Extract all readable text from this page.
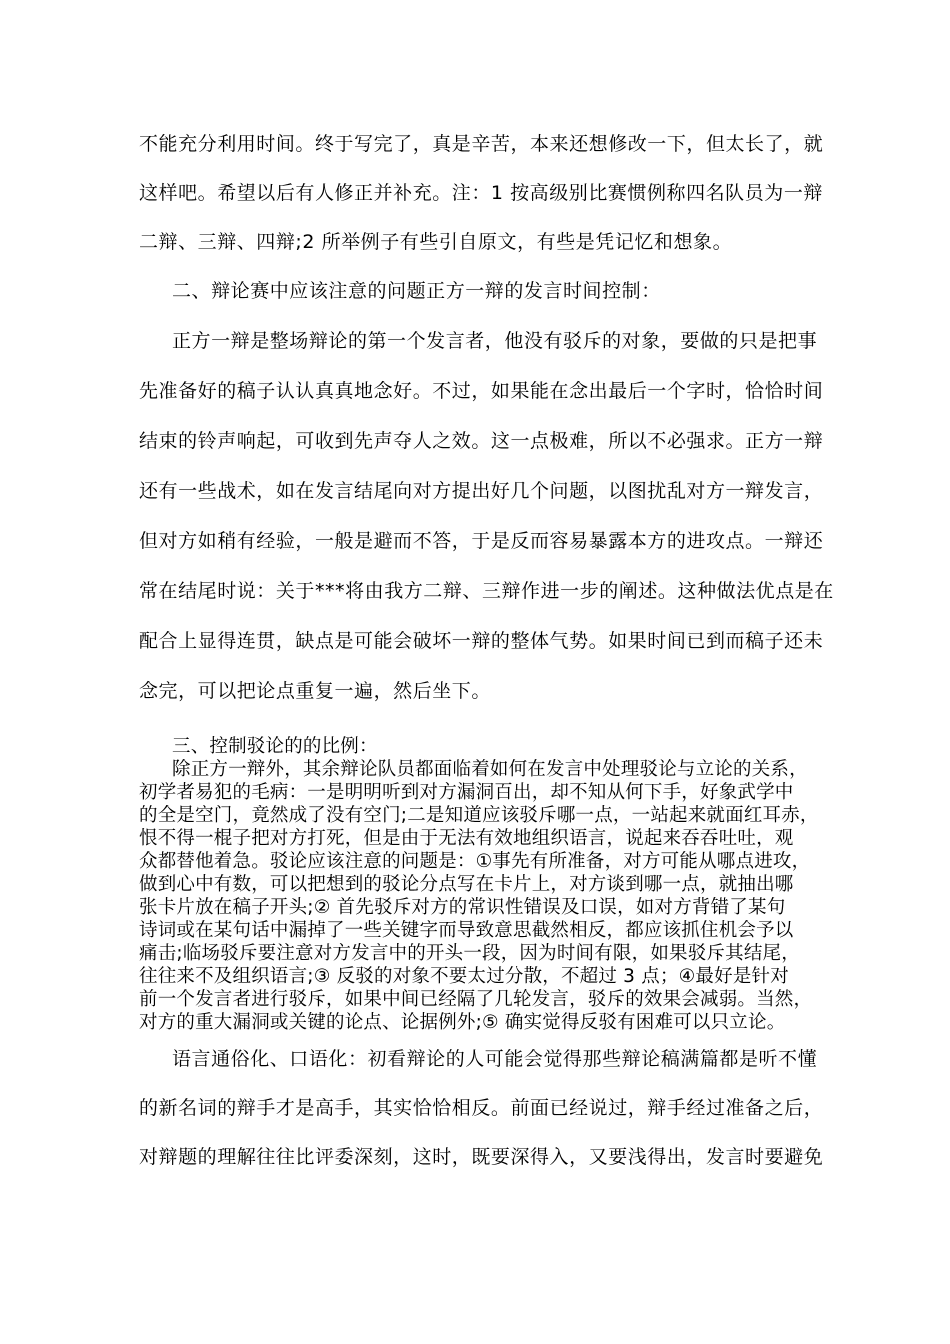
不能充分利用时间。终于写完了，真是辛苦，本来还想修改一下，但太长了，就
这样吧。希望以后有人修正并补充。注：1 按高级别比赛惯例称四名队员为一辩
二辩、三辩、四辩;2 所举例子有些引自原文，有些是凭记忆和想象。
二、辩论赛中应该注意的问题正方一辩的发言时间控制：
正方一辩是整场辩论的第一个发言者，他没有驳斥的对象，要做的只是把事
先准备好的稿子认认真真地念好。不过，如果能在念出最后一个字时，恰恰时间
结束的铃声响起，可收到先声夺人之效。这一点极难，所以不必强求。正方一辩
还有一些战术，如在发言结尾向对方提出好几个问题，以图扰乱对方一辩发言，
但对方如稍有经验，一般是避而不答，于是反而容易暴露本方的进攻点。一辩还
常在结尾时说：关于***将由我方二辩、三辩作进一步的阐述。这种做法优点是在
配合上显得连贯，缺点是可能会破坏一辩的整体气势。如果时间已到而稿子还未
念完，可以把论点重复一遍，然后坐下。
三、控制驳论的的比例：
除正方一辩外，其余辩论队员都面临着如何在发言中处理驳论与立论的关系，
初学者易犯的毛病：一是明明听到对方漏洞百出，却不知从何下手，好象武学中
的全是空门，竟然成了没有空门;二是知道应该驳斥哪一点，一站起来就面红耳赤，
恨不得一棍子把对方打死，但是由于无法有效地组织语言，说起来吞吞吐吐，观
众都替他着急。驳论应该注意的问题是：①事先有所准备，对方可能从哪点进攻，
做到心中有数，可以把想到的驳论分点写在卡片上，对方谈到哪一点，就抽出哪
张卡片放在稿子开头;② 首先驳斥对方的常识性错误及口误，如对方背错了某句
诗词或在某句话中漏掉了一些关键字而导致意思截然相反，都应该抓住机会予以
痛击;临场驳斥要注意对方发言中的开头一段，因为时间有限，如果驳斥其结尾，
往往来不及组织语言;③ 反驳的对象不要太过分散，不超过 3 点；④最好是针对
前一个发言者进行驳斥，如果中间已经隔了几轮发言，驳斥的效果会减弱。当然，
对方的重大漏洞或关键的论点、论据例外;⑤ 确实觉得反驳有困难可以只立论。
语言通俗化、口语化：初看辩论的人可能会觉得那些辩论稿满篇都是听不懂
的新名词的辩手才是高手，其实恰恰相反。前面已经说过，辩手经过准备之后，
对辩题的理解往往比评委深刻，这时，既要深得入，又要浅得出，发言时要避免
